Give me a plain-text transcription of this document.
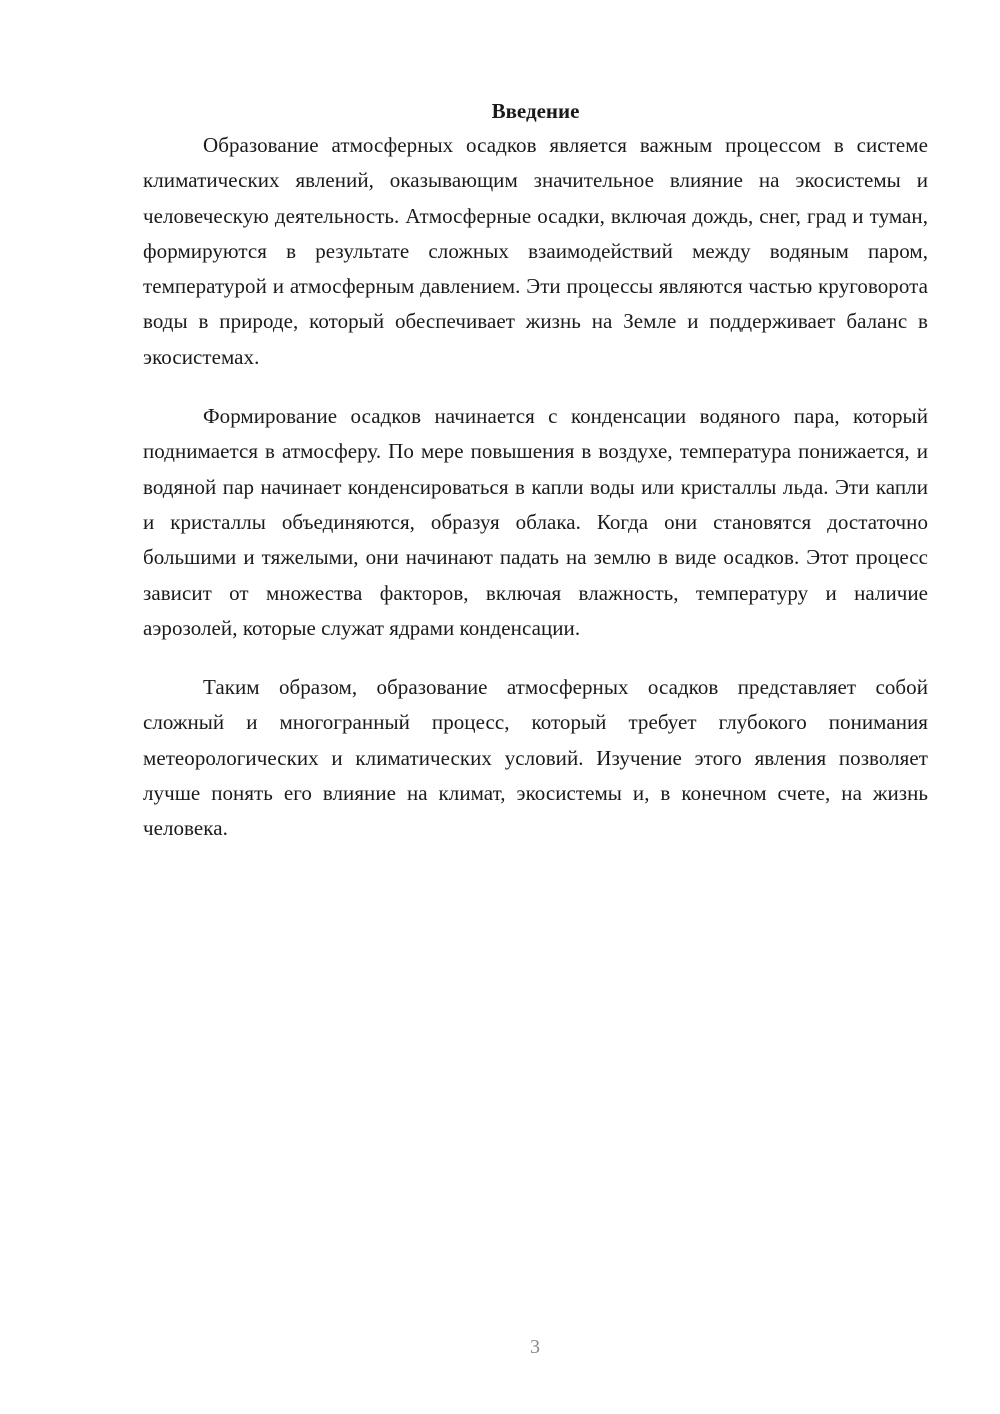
Введение

Образование атмосферных осадков является важным процессом в системе климатических явлений, оказывающим значительное влияние на экосистемы и человеческую деятельность. Атмосферные осадки, включая дождь, снег, град и туман, формируются в результате сложных взаимодействий между водяным паром, температурой и атмосферным давлением. Эти процессы являются частью круговорота воды в природе, который обеспечивает жизнь на Земле и поддерживает баланс в экосистемах.

Формирование осадков начинается с конденсации водяного пара, который поднимается в атмосферу. По мере повышения в воздухе, температура понижается, и водяной пар начинает конденсироваться в капли воды или кристаллы льда. Эти капли и кристаллы объединяются, образуя облака. Когда они становятся достаточно большими и тяжелыми, они начинают падать на землю в виде осадков. Этот процесс зависит от множества факторов, включая влажность, температуру и наличие аэрозолей, которые служат ядрами конденсации.

Таким образом, образование атмосферных осадков представляет собой сложный и многогранный процесс, который требует глубокого понимания метеорологических и климатических условий. Изучение этого явления позволяет лучше понять его влияние на климат, экосистемы и, в конечном счете, на жизнь человека.

3
